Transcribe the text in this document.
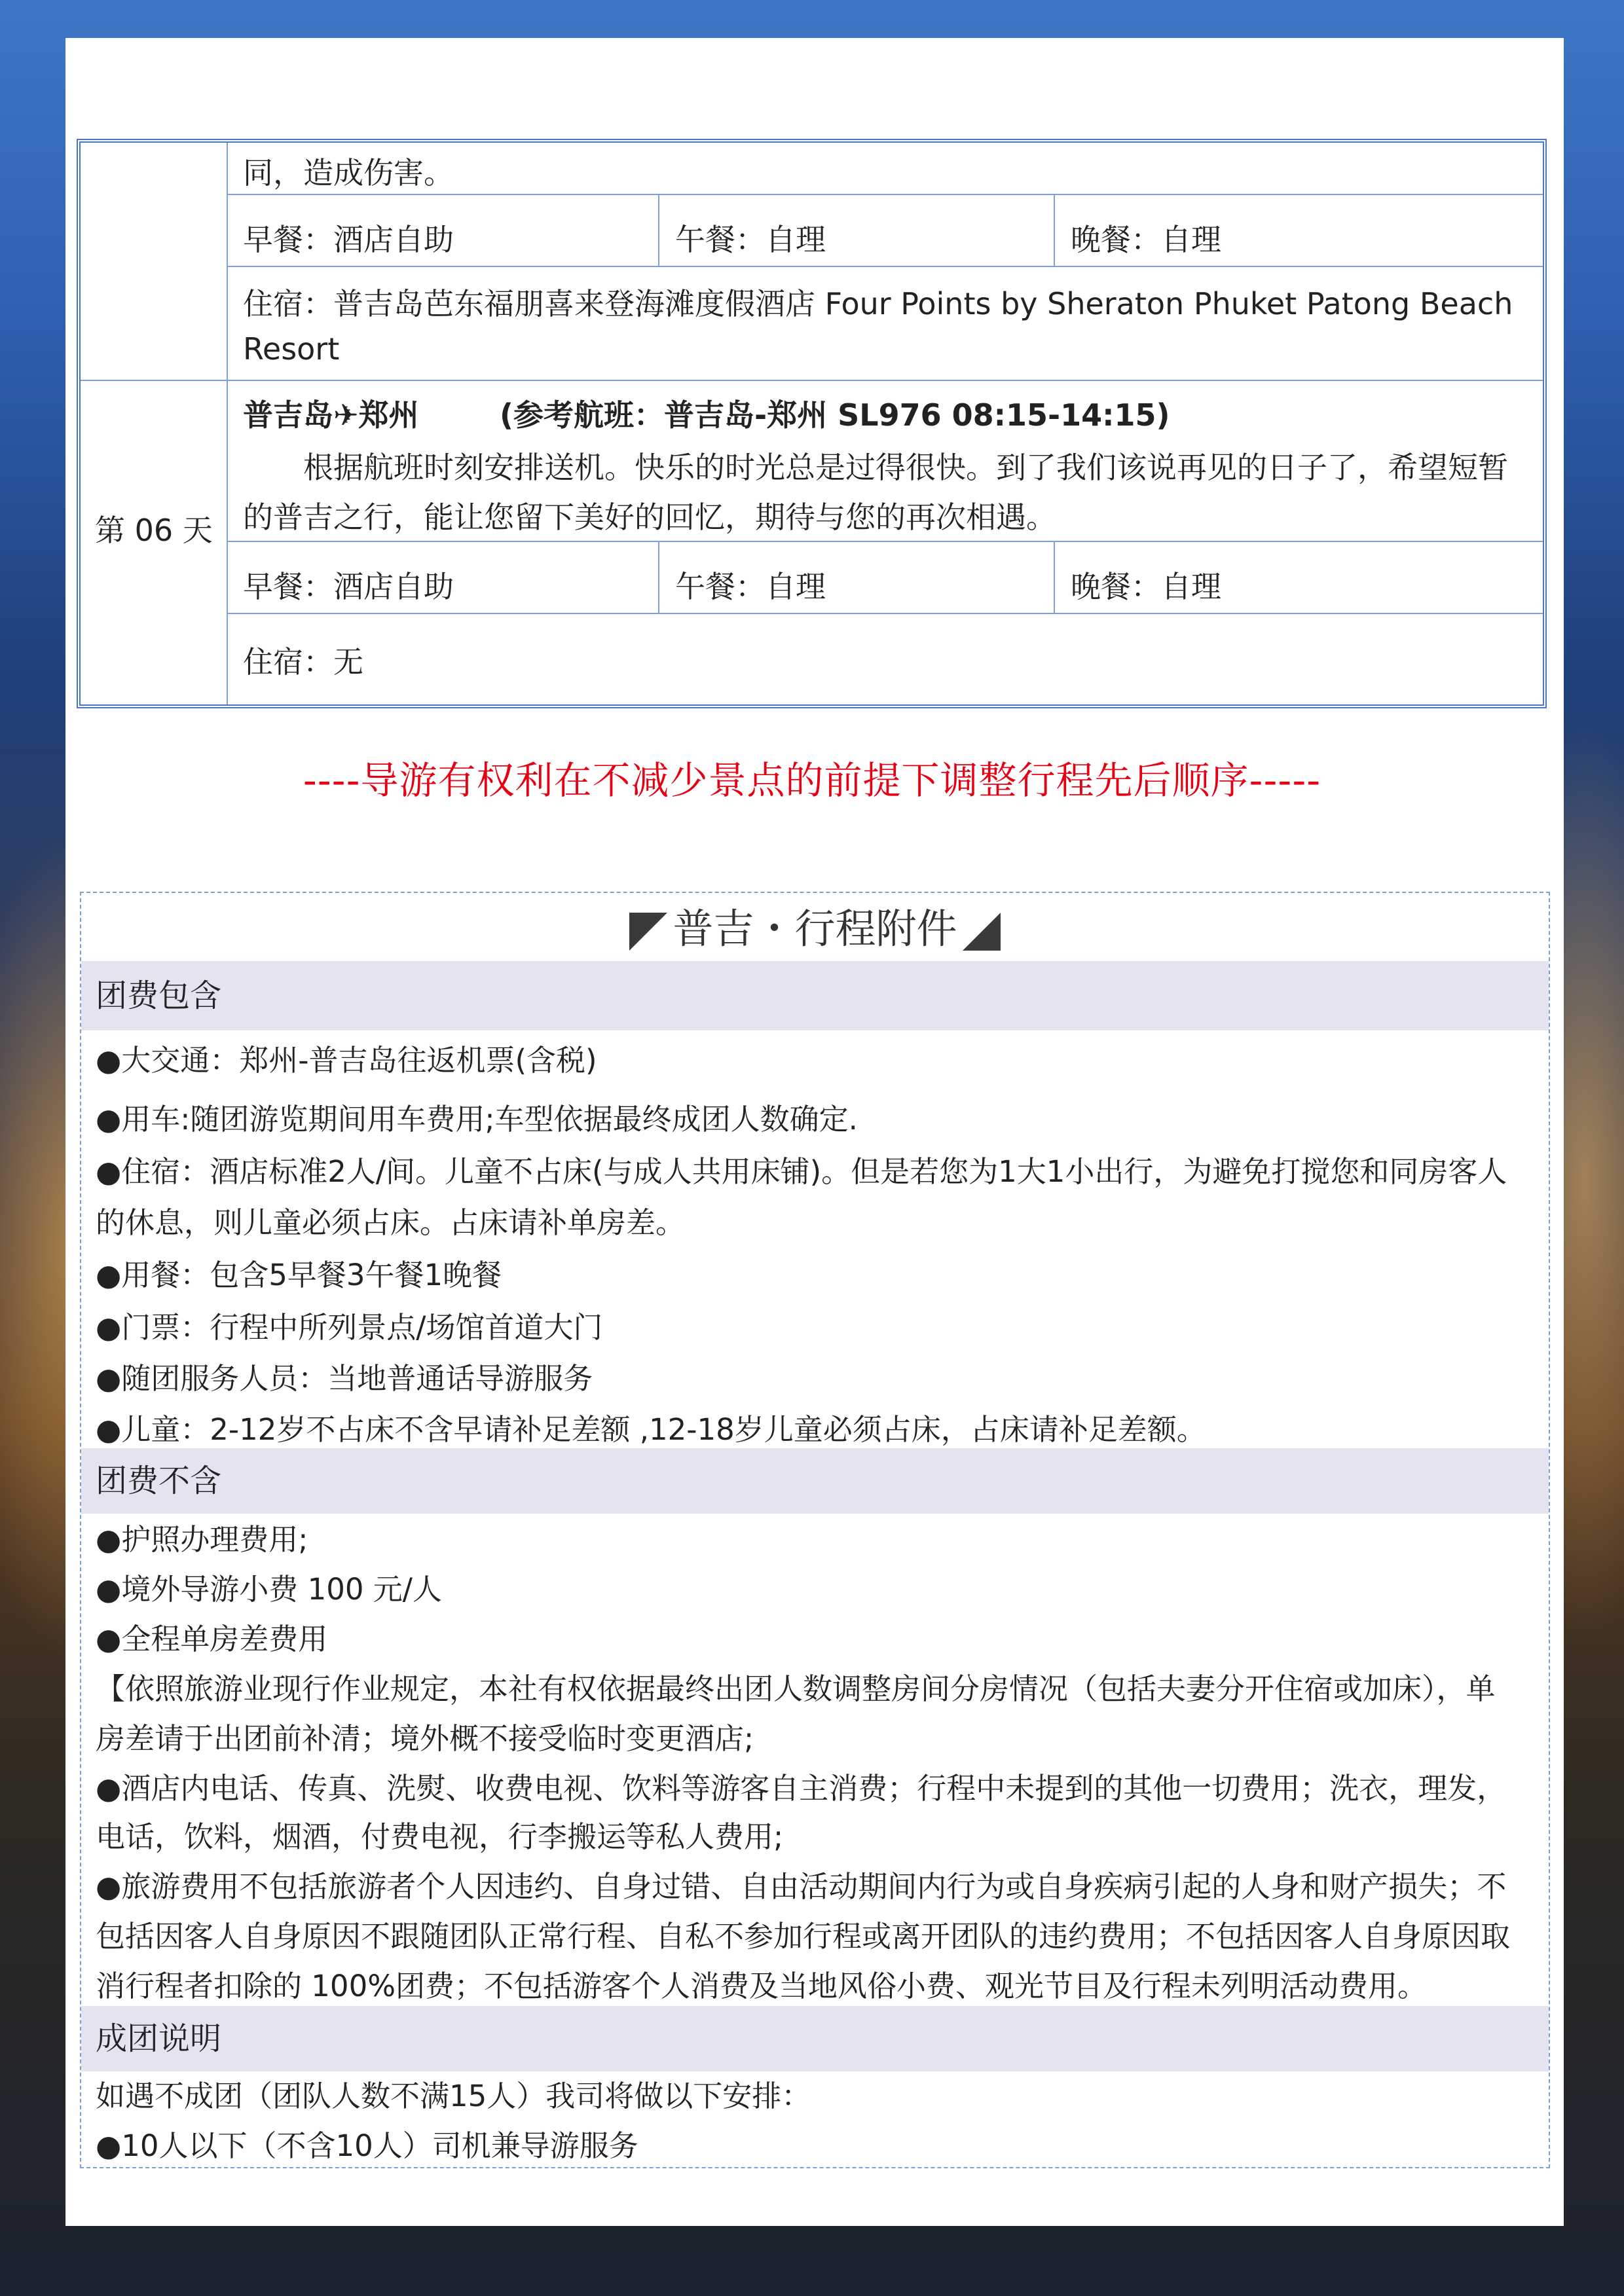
同，造成伤害。
早餐：酒店自助	午餐：自理	晚餐：自理
住宿：普吉岛芭东福朋喜来登海滩度假酒店 Four Points by Sheraton Phuket Patong Beach
Resort
第 06 天
普吉岛✈郑州	(参考航班：普吉岛-郑州 SL976 08:15-14:15)
根据航班时刻安排送机。快乐的时光总是过得很快。到了我们该说再见的日子了，希望短暂
的普吉之行，能让您留下美好的回忆，期待与您的再次相遇。
早餐：酒店自助	午餐：自理	晚餐：自理
住宿：无
----导游有权利在不减少景点的前提下调整行程先后顺序-----
普吉・行程附件
团费包含
●大交通：郑州-普吉岛往返机票(含税)
●用车:随团游览期间用车费用;车型依据最终成团人数确定.
●住宿：酒店标准2人/间。儿童不占床(与成人共用床铺)。但是若您为1大1小出行，为避免打搅您和同房客人
的休息，则儿童必须占床。占床请补单房差。
●用餐：包含5早餐3午餐1晚餐
●门票：行程中所列景点/场馆首道大门
●随团服务人员：当地普通话导游服务
●儿童：2-12岁不占床不含早请补足差额 ,12-18岁儿童必须占床，占床请补足差额。
团费不含
●护照办理费用;
●境外导游小费 100 元/人
●全程单房差费用
【依照旅游业现行作业规定，本社有权依据最终出团人数调整房间分房情况（包括夫妻分开住宿或加床），单
房差请于出团前补清；境外概不接受临时变更酒店;
●酒店内电话、传真、洗熨、收费电视、饮料等游客自主消费；行程中未提到的其他一切费用；洗衣，理发，
电话，饮料，烟酒，付费电视，行李搬运等私人费用;
●旅游费用不包括旅游者个人因违约、自身过错、自由活动期间内行为或自身疾病引起的人身和财产损失；不
包括因客人自身原因不跟随团队正常行程、自私不参加行程或离开团队的违约费用；不包括因客人自身原因取
消行程者扣除的 100%团费；不包括游客个人消费及当地风俗小费、观光节目及行程未列明活动费用。
成团说明
如遇不成团（团队人数不满15人）我司将做以下安排：
●10人以下（不含10人）司机兼导游服务
